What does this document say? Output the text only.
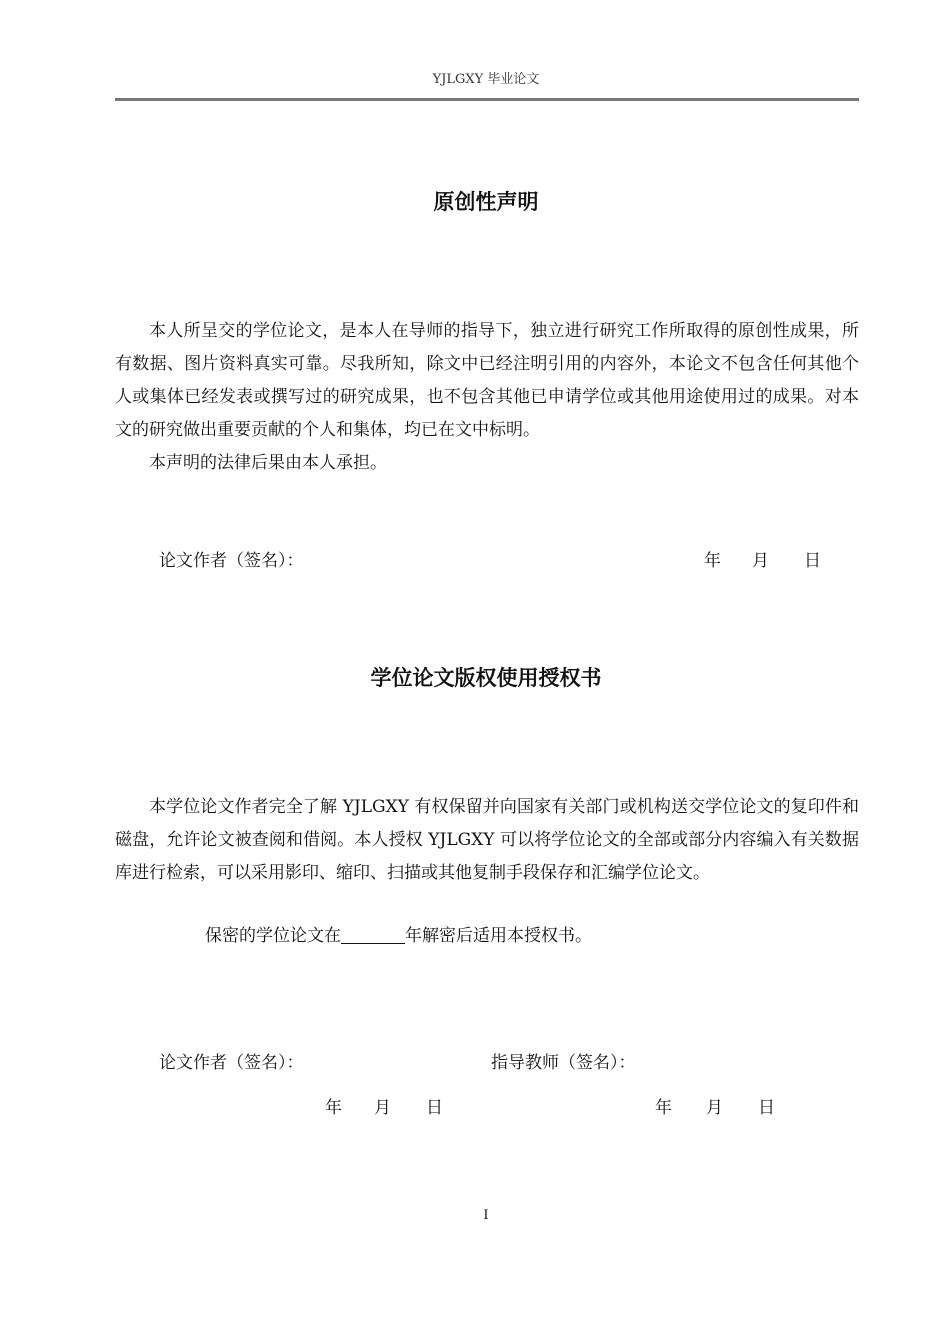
YJLGXY 毕业论文
原创性声明

本人所呈交的学位论文，是本人在导师的指导下，独立进行研究工作所取得的原创性成果，所有数据、图片资料真实可靠。尽我所知，除文中已经注明引用的内容外，本论文不包含任何其他个人或集体已经发表或撰写过的研究成果，也不包含其他已申请学位或其他用途使用过的成果。对本文的研究做出重要贡献的个人和集体，均已在文中标明。

本声明的法律后果由本人承担。

论文作者（签名）：	年 月 日
学位论文版权使用授权书

本学位论文作者完全了解 YJLGXY 有权保留并向国家有关部门或机构送交学位论文的复印件和磁盘，允许论文被查阅和借阅。本人授权 YJLGXY 可以将学位论文的全部或部分内容编入有关数据库进行检索，可以采用影印、缩印、扫描或其他复制手段保存和汇编学位论文。

保密的学位论文在	年解密后适用本授权书。
论文作者（签名）：	指导教师（签名）：
年 月 日	年 月 日
I
